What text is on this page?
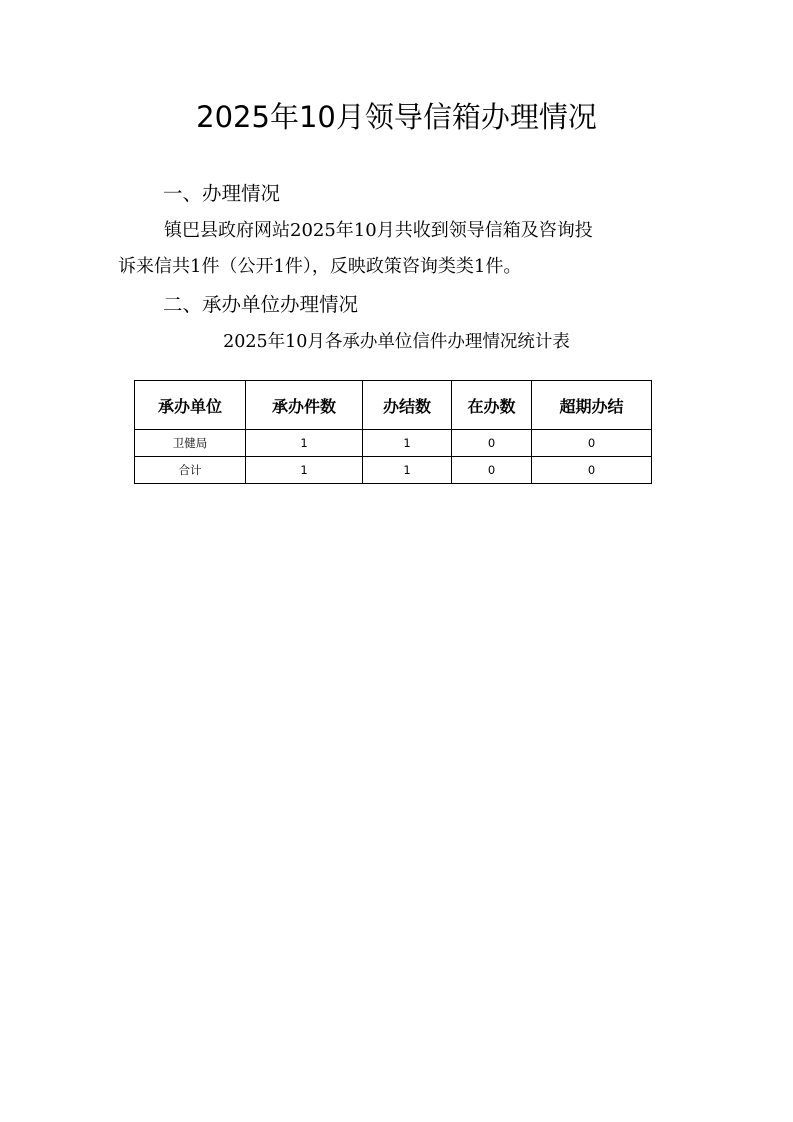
2025年10月领导信箱办理情况
一、办理情况
镇巴县政府网站2025年10月共收到领导信箱及咨询投
诉来信共1件（公开1件），反映政策咨询类类1件。
二、承办单位办理情况
2025年10月各承办单位信件办理情况统计表
承办单位	承办件数	办结数	在办数	超期办结
卫健局	1	1	0	0
合计	1	1	0	0
